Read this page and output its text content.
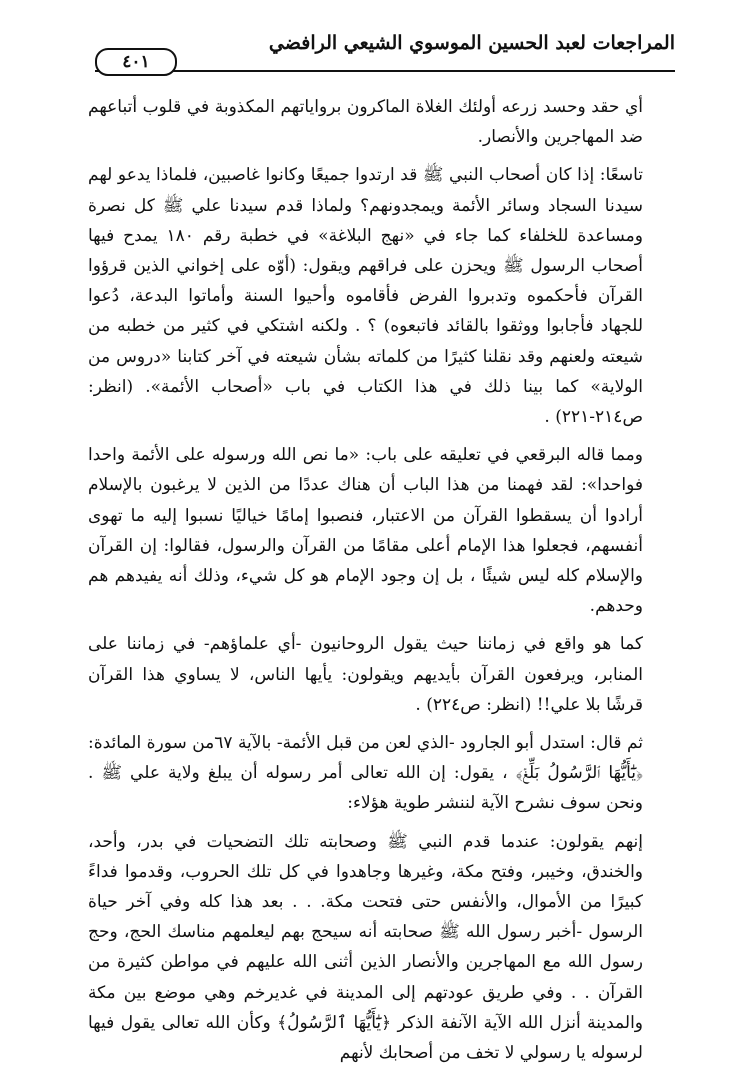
المراجعات لعبد الحسين الموسوي الشيعي الرافضي
٤٠١

أي حقد وحسد زرعه أولئك الغلاة الماكرون برواياتهم المكذوبة في قلوب أتباعهم ضد المهاجرين والأنصار.

تاسعًا: إذا كان أصحاب النبي ﷺ قد ارتدوا جميعًا وكانوا غاصبين، فلماذا يدعو لهم سيدنا السجاد وسائر الأئمة ويمجدونهم؟ ولماذا قدم سيدنا علي ﷺ كل نصرة ومساعدة للخلفاء كما جاء في «نهج البلاغة» في خطبة رقم ١٨٠ يمدح فيها أصحاب الرسول ﷺ ويحزن على فراقهم ويقول: (أوّه على إخواني الذين قرؤوا القرآن فأحكموه وتدبروا الفرض فأقاموه وأحيوا السنة وأماتوا البدعة، دُعوا للجهاد فأجابوا ووثقوا بالقائد فاتبعوه) ؟ . ولكنه اشتكي في كثير من خطبه من شيعته ولعنهم وقد نقلنا كثيرًا من كلماته بشأن شيعته في آخر كتابنا «دروس من الولاية» كما بينا ذلك في هذا الكتاب في باب «أصحاب الأئمة». (انظر: ص٢١٤-٢٢١) .

ومما قاله البرقعي في تعليقه على باب: «ما نص الله ورسوله على الأئمة واحدا فواحدا»: لقد فهمنا من هذا الباب أن هناك عددًا من الذين لا يرغبون بالإسلام أرادوا أن يسقطوا القرآن من الاعتبار، فنصبوا إمامًا خياليًا نسبوا إليه ما تهوى أنفسهم، فجعلوا هذا الإمام أعلى مقامًا من القرآن والرسول، فقالوا: إن القرآن والإسلام كله ليس شيئًا ، بل إن وجود الإمام هو كل شيء، وذلك أنه يفيدهم هم وحدهم.

كما هو واقع في زماننا حيث يقول الروحانيون -أي علماؤهم- في زماننا على المنابر، ويرفعون القرآن بأيديهم ويقولون: يأيها الناس، لا يساوي هذا القرآن قرشًا بلا علي!! (انظر: ص٢٢٤) .

ثم قال: استدل أبو الجارود -الذي لعن من قبل الأئمة- بالآية ٦٧من سورة المائدة: ﴿يَٰٓأَيُّهَا ٱلرَّسُولُ بَلِّغۡ﴾ ، يقول: إن الله تعالى أمر رسوله أن يبلغ ولاية علي ﷺ . ونحن سوف نشرح الآية لننشر طوية هؤلاء:

إنهم يقولون: عندما قدم النبي ﷺ وصحابته تلك التضحيات في بدر، وأحد، والخندق، وخيبر، وفتح مكة، وغيرها وجاهدوا في كل تلك الحروب، وقدموا فداءً كبيرًا من الأموال، والأنفس حتى فتحت مكة. . . بعد هذا كله وفي آخر حياة الرسول -أخبر رسول الله ﷺ صحابته أنه سيحج بهم ليعلمهم مناسك الحج، وحج رسول الله مع المهاجرين والأنصار الذين أثنى الله عليهم في مواطن كثيرة من القرآن . . وفي طريق عودتهم إلى المدينة في غديرخم وهي موضع بين مكة والمدينة أنزل الله الآية الآنفة الذكر ﴿يَٰٓأَيُّهَا ٱلرَّسُولُ﴾ وكأن الله تعالى يقول فيها لرسوله يا رسولي لا تخف من أصحابك لأنهم
